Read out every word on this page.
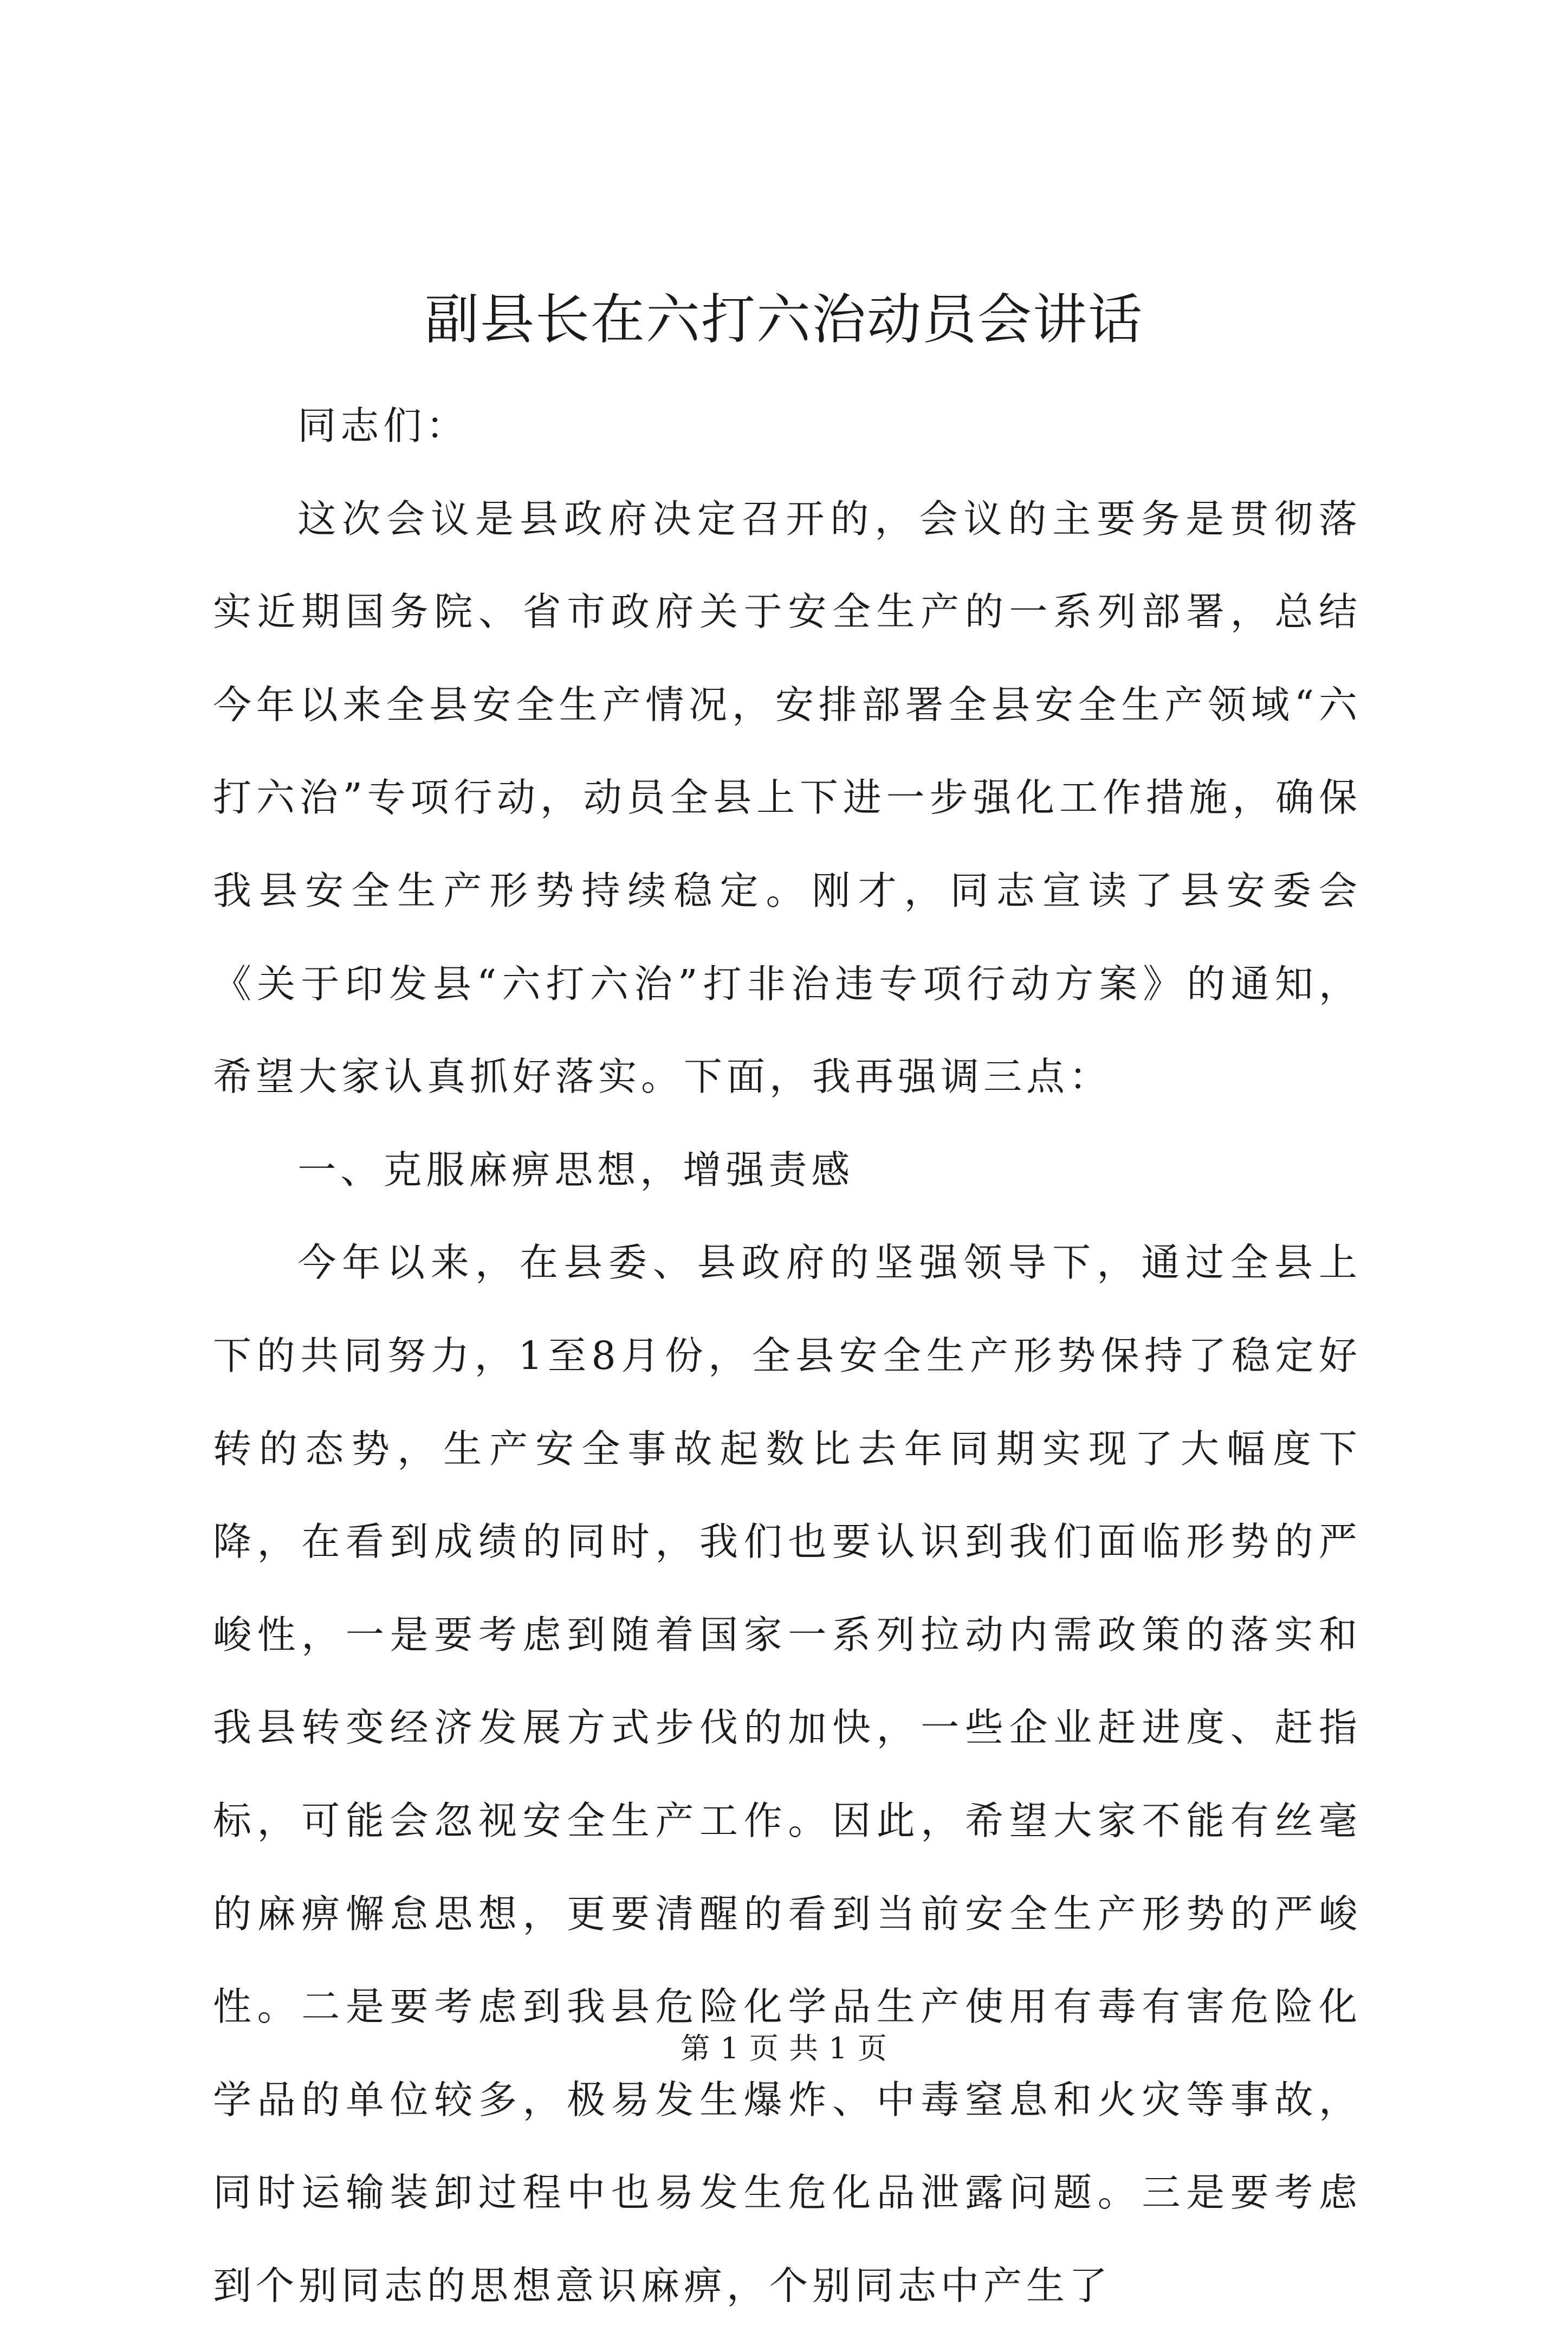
副县长在六打六治动员会讲话

同志们：

这次会议是县政府决定召开的，会议的主要务是贯彻落实近期国务院、省市政府关于安全生产的一系列部署，总结今年以来全县安全生产情况，安排部署全县安全生产领域“六打六治”专项行动，动员全县上下进一步强化工作措施，确保我县安全生产形势持续稳定。刚才，同志宣读了县安委会《关于印发县“六打六治”打非治违专项行动方案》的通知，希望大家认真抓好落实。下面，我再强调三点：

一、克服麻痹思想，增强责感

今年以来，在县委、县政府的坚强领导下，通过全县上下的共同努力，1至8月份，全县安全生产形势保持了稳定好转的态势，生产安全事故起数比去年同期实现了大幅度下降，在看到成绩的同时，我们也要认识到我们面临形势的严峻性，一是要考虑到随着国家一系列拉动内需政策的落实和我县转变经济发展方式步伐的加快，一些企业赶进度、赶指标，可能会忽视安全生产工作。因此，希望大家不能有丝毫的麻痹懈怠思想，更要清醒的看到当前安全生产形势的严峻性。二是要考虑到我县危险化学品生产使用有毒有害危险化学品的单位较多，极易发生爆炸、中毒窒息和火灾等事故，同时运输装卸过程中也易发生危化品泄露问题。三是要考虑到个别同志的思想意识麻痹，个别同志中产生了

第 1 页 共 1 页
